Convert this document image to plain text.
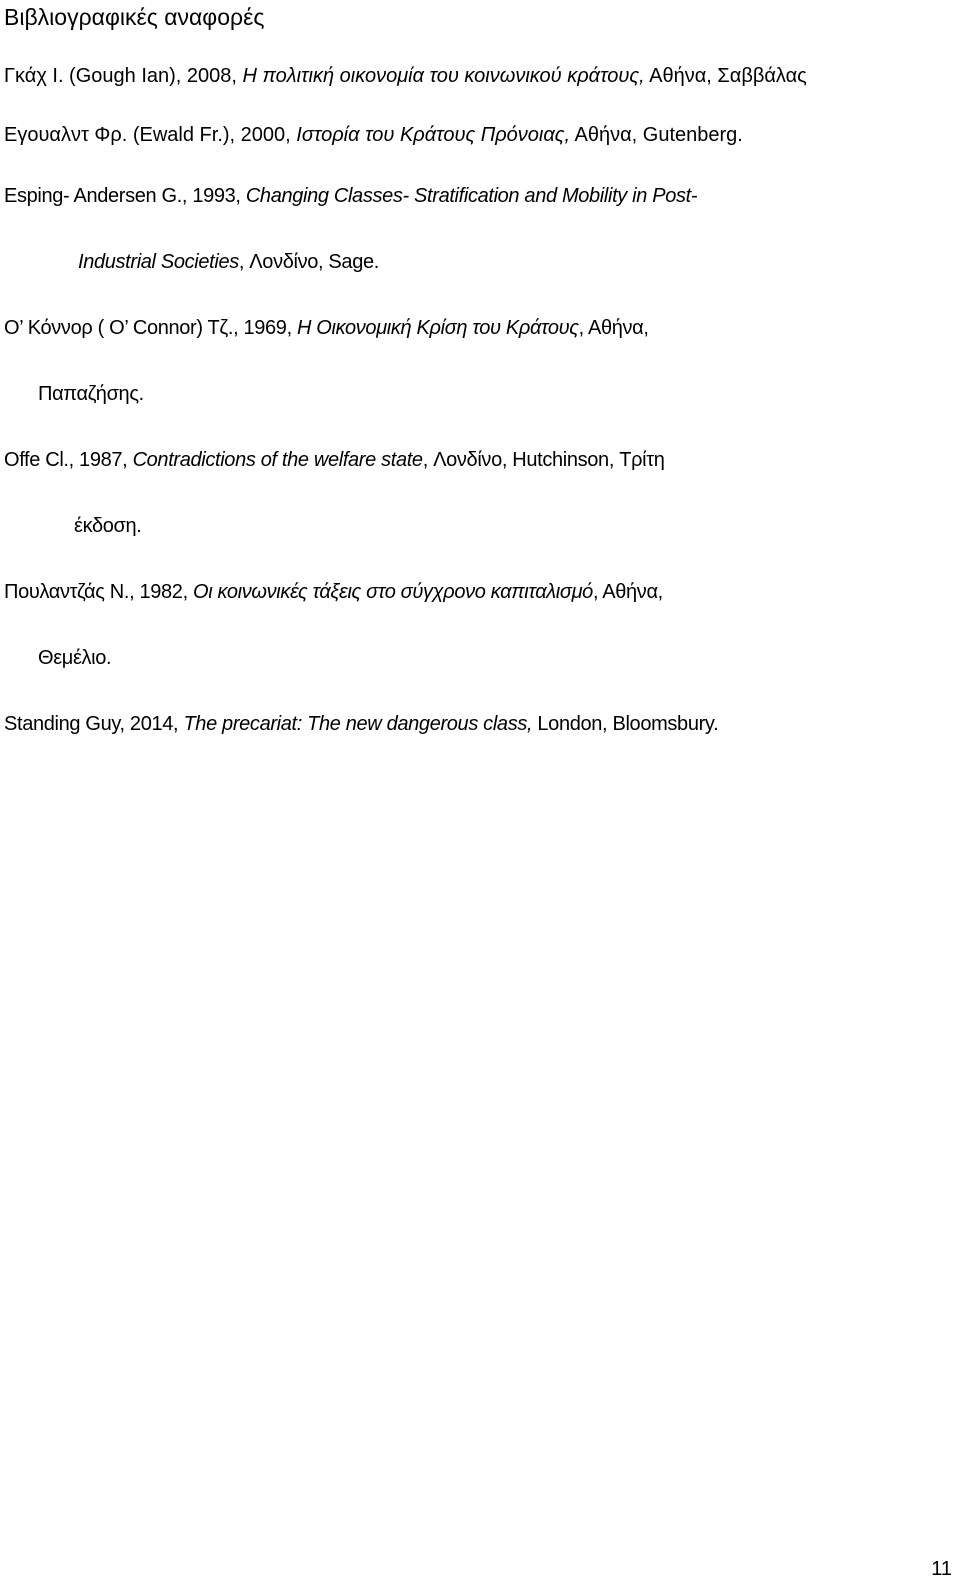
Βιβλιογραφικές αναφορές
Γκάχ Ι. (Gough Ian), 2008, Η πολιτική οικονομία του κοινωνικού κράτους, Αθήνα, Σαββάλας
Εγουαλντ Φρ. (Ewald Fr.), 2000, Ιστορία του Κράτους Πρόνοιας, Αθήνα, Gutenberg.
Esping- Andersen G., 1993, Changing Classes- Stratification and Mobility in Post-
Industrial Societies, Λονδίνο, Sage.
Ο’ Κόννορ ( O’ Connor) Τζ., 1969, Η Οικονομική Κρίση του Κράτους, Αθήνα,
Παπαζήσης.
Offe Cl., 1987, Contradictions of the welfare state, Λονδίνο, Hutchinson, Τρίτη
έκδοση.
Πουλαντζάς Ν., 1982, Οι κοινωνικές τάξεις στο σύγχρονο καπιταλισμό, Αθήνα,
Θεμέλιο.
Standing Guy, 2014, The precariat: The new dangerous class, London, Bloomsbury.
11
